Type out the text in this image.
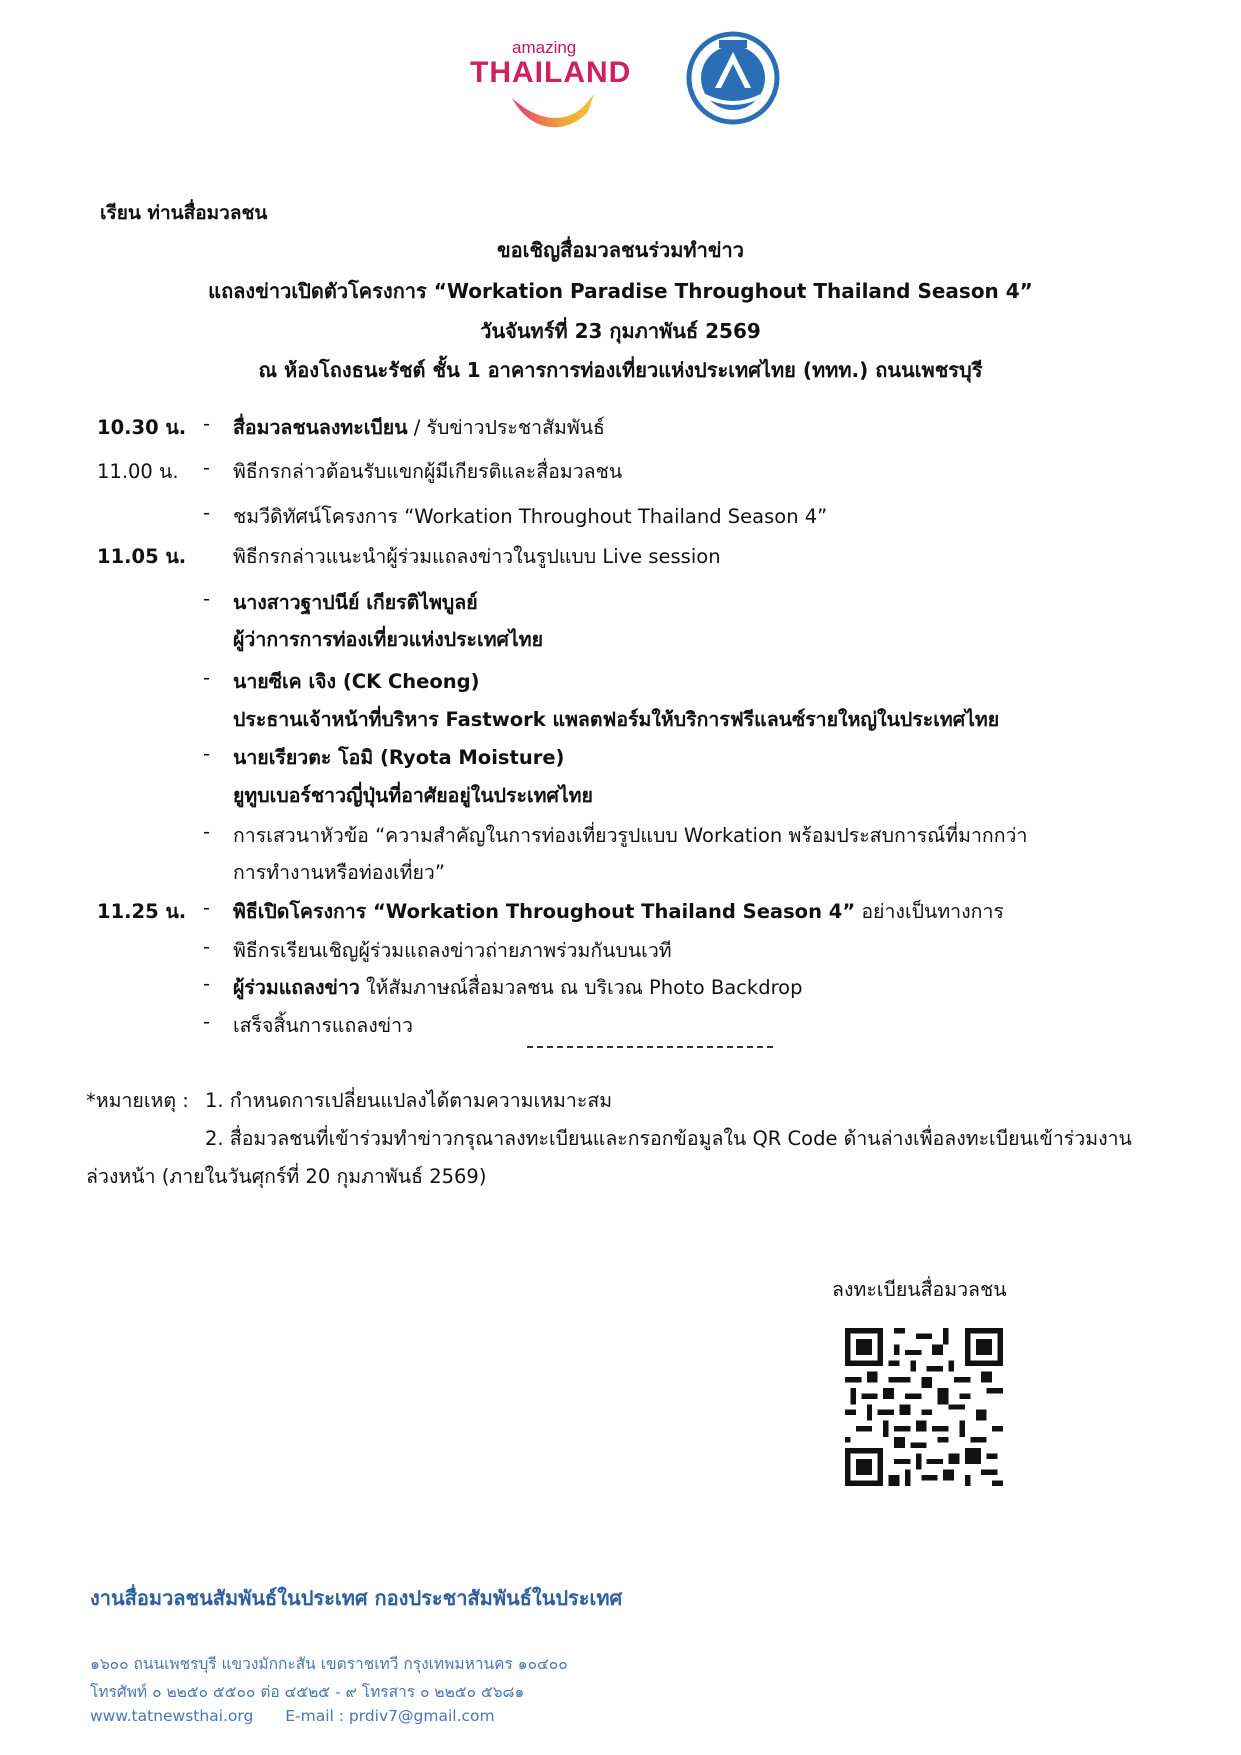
amazing
THAILAND
เรียน ท่านสื่อมวลชน
ขอเชิญสื่อมวลชนร่วมทำข่าว
แถลงข่าวเปิดตัวโครงการ “Workation Paradise Throughout Thailand Season 4”
วันจันทร์ที่ 23 กุมภาพันธ์ 2569
ณ ห้องโถงธนะรัชต์ ชั้น 1 อาคารการท่องเที่ยวแห่งประเทศไทย (ททท.) ถนนเพชรบุรี
10.30 น. - สื่อมวลชนลงทะเบียน / รับข่าวประชาสัมพันธ์
11.00 น. - พิธีกรกล่าวต้อนรับแขกผู้มีเกียรติและสื่อมวลชน
- ชมวีดิทัศน์โครงการ “Workation Throughout Thailand Season 4”
11.05 น. พิธีกรกล่าวแนะนำผู้ร่วมแถลงข่าวในรูปแบบ Live session
- นางสาวฐาปนีย์ เกียรติไพบูลย์
ผู้ว่าการการท่องเที่ยวแห่งประเทศไทย
- นายซีเค เจิง (CK Cheong)
ประธานเจ้าหน้าที่บริหาร Fastwork แพลตฟอร์มให้บริการฟรีแลนซ์รายใหญ่ในประเทศไทย
- นายเรียวตะ โอมิ (Ryota Moisture)
ยูทูบเบอร์ชาวญี่ปุ่นที่อาศัยอยู่ในประเทศไทย
- การเสวนาหัวข้อ “ความสำคัญในการท่องเที่ยวรูปแบบ Workation พร้อมประสบการณ์ที่มากกว่า
การทำงานหรือท่องเที่ยว”
11.25 น. - พิธีเปิดโครงการ “Workation Throughout Thailand Season 4” อย่างเป็นทางการ
- พิธีกรเรียนเชิญผู้ร่วมแถลงข่าวถ่ายภาพร่วมกันบนเวที
- ผู้ร่วมแถลงข่าว ให้สัมภาษณ์สื่อมวลชน ณ บริเวณ Photo Backdrop
- เสร็จสิ้นการแถลงข่าว
*หมายเหตุ : 1. กำหนดการเปลี่ยนแปลงได้ตามความเหมาะสม
2. สื่อมวลชนที่เข้าร่วมทำข่าวกรุณาลงทะเบียนและกรอกข้อมูลใน QR Code ด้านล่างเพื่อลงทะเบียนเข้าร่วมงาน
ล่วงหน้า (ภายในวันศุกร์ที่ 20 กุมภาพันธ์ 2569)
ลงทะเบียนสื่อมวลชน
งานสื่อมวลชนสัมพันธ์ในประเทศ กองประชาสัมพันธ์ในประเทศ
๑๖๐๐ ถนนเพชรบุรี แขวงมักกะสัน เขตราชเทวี กรุงเทพมหานคร ๑๐๔๐๐
โทรศัพท์ ๐ ๒๒๕๐ ๕๕๐๐ ต่อ ๔๕๒๕ - ๙ โทรสาร ๐ ๒๒๕๐ ๕๖๘๑
www.tatnewsthai.org E-mail : prdiv7@gmail.com
